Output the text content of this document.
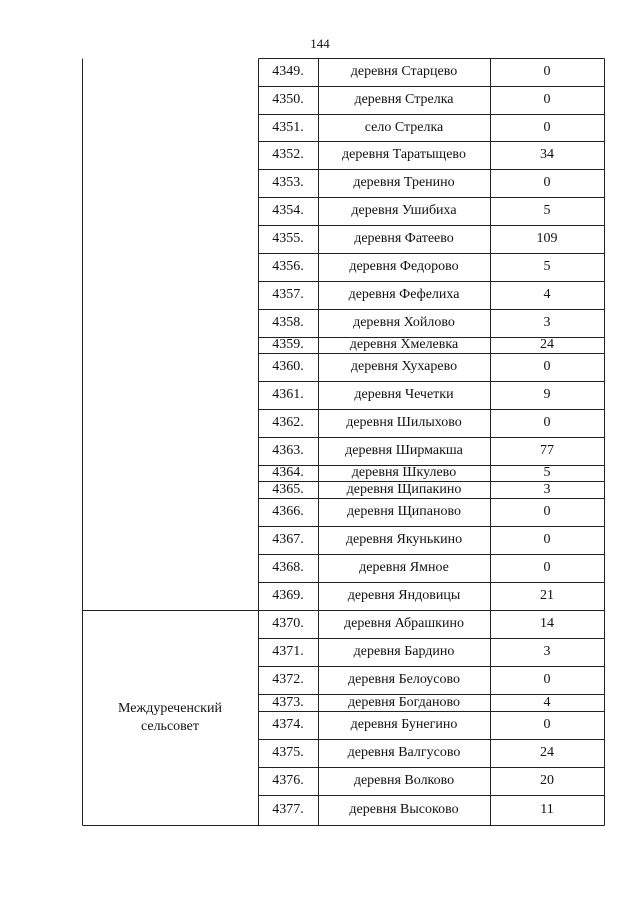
144
4349.	деревня Старцево	0
4350.	деревня Стрелка	0
4351.	село Стрелка	0
4352.	деревня Таратыщево	34
4353.	деревня Тренино	0
4354.	деревня Ушибиха	5
4355.	деревня Фатеево	109
4356.	деревня Федорово	5
4357.	деревня Фефелиха	4
4358.	деревня Хойлово	3
4359.	деревня Хмелевка	24
4360.	деревня Хухарево	0
4361.	деревня Чечетки	9
4362.	деревня Шилыхово	0
4363.	деревня Ширмакша	77
4364.	деревня Шкулево	5
4365.	деревня Щипакино	3
4366.	деревня Щипаново	0
4367.	деревня Якунькино	0
4368.	деревня Ямное	0
4369.	деревня Яндовицы	21
4370.	деревня Абрашкино	14
4371.	деревня Бардино	3
4372.	деревня Белоусово	0
4373.	деревня Богданово	4
4374.	деревня Бунегино	0
4375.	деревня Валгусово	24
4376.	деревня Волково	20
4377.	деревня Высоково	11
Междуреченский
сельсовет
